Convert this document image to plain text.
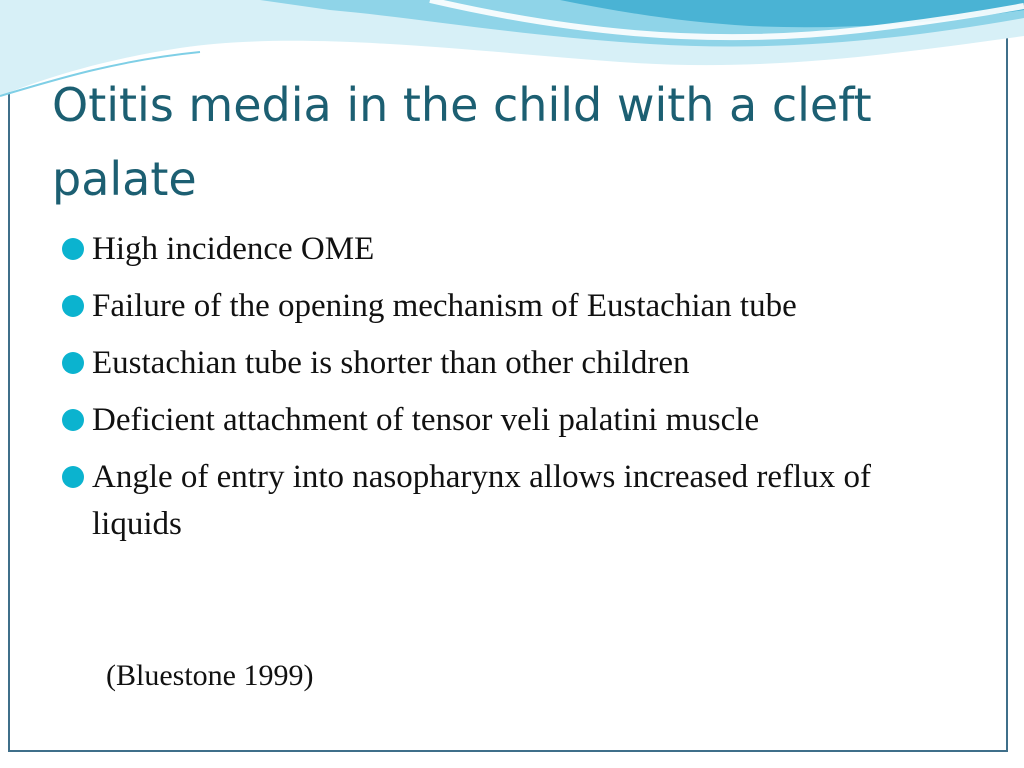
Otitis media in the child with a cleft palate
High incidence OME
Failure of the opening mechanism of Eustachian tube
Eustachian tube is shorter than other children
Deficient attachment of tensor veli palatini muscle
Angle of entry into nasopharynx allows increased reflux of liquids

(Bluestone 1999)
